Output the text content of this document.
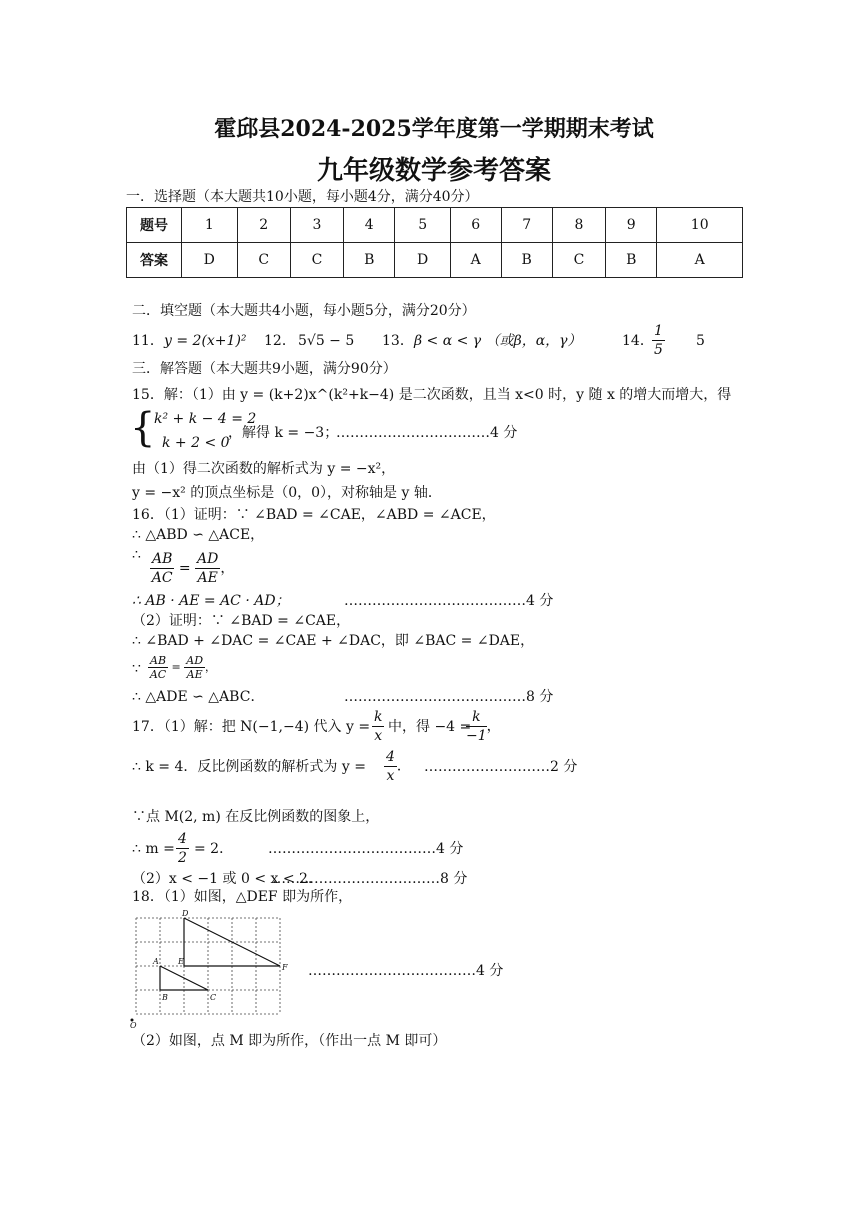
霍邱县2024-2025学年度第一学期期末考试
九年级数学参考答案
一．选择题（本大题共10小题，每小题4分，满分40分）
题号	1	2	3	4	5	6	7	8	9	10
答案	D	C	C	B	D	A	B	C	B	A
二．填空题（本大题共4小题，每小题5分，满分20分）
11． y = 2(x+1)² 12． 5√5 − 5 13． β < α < γ （或β，α，γ）	14．
$\frac{1}{5} 5$
三．解答题（本大题共9小题，满分90分）
15．解：（1）由 y = (k+2)x^(k²+k−4) 是二次函数，且当 x<0 时，y 随 x 的增大而增大，得
{
k² + k − 4 = 2
k + 2 < 0
，解得 k = −3；
……………………………4 分
由（1）得二次函数的解析式为 y = −x²，
y = −x² 的顶点坐标是（0，0），对称轴是 y 轴．
16．（1）证明：∵ ∠BAD = ∠CAE，∠ABD = ∠ACE，
∴ △ABD ∽ △ACE，
∴ $\frac{AB}{AC} = \frac{AD}{AE}$ ，
∴ AB · AE = AC · AD；	…………………………………4 分
（2）证明：∵ ∠BAD = ∠CAE，
∴ ∠BAD + ∠DAC = ∠CAE + ∠DAC，即 ∠BAC = ∠DAE，
∵ $\frac{AB}{AC} = \frac{AD}{AE}$ ，
∴ △ADE ∽ △ABC．	…………………………………8 分
17．（1）解：把 N(−1,−4) 代入 $y = \frac{k}{x}$ 中，得 −4 =
$\frac{k}{-1}$ ，
∴ k = 4．反比例函数的解析式为 $y = \frac{4}{x}$ ． ………………………2 分
∵点 M(2, m) 在反比例函数的图象上，
∴ $m = \frac{4}{2} = 2$． ………………………………4 分
（2）x < −1 或 0 < x < 2．
………………………………8 分
18．（1）如图，△DEF 即为所作，
D
A E
F
B	C
O
………………………………4 分
（2）如图，点 M 即为所作，（作出一点 M 即可）
